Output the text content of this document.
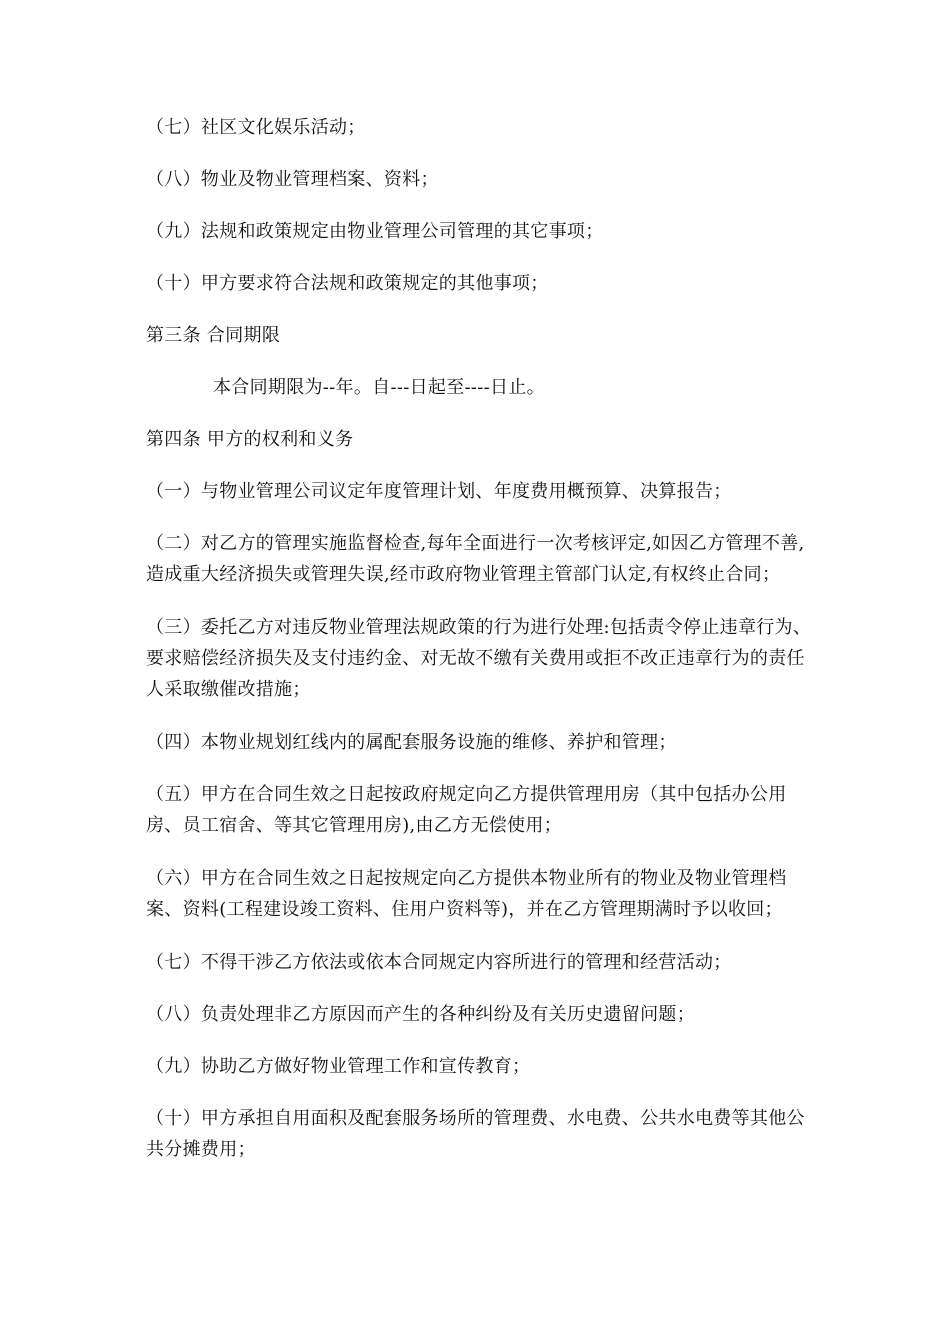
（七）社区文化娱乐活动；

（八）物业及物业管理档案、资料；

（九）法规和政策规定由物业管理公司管理的其它事项；

（十）甲方要求符合法规和政策规定的其他事项；

第三条 合同期限

本合同期限为--年。自---日起至----日止。

第四条 甲方的权利和义务

（一）与物业管理公司议定年度管理计划、年度费用概预算、决算报告；

（二）对乙方的管理实施监督检查,每年全面进行一次考核评定,如因乙方管理不善,造成重大经济损失或管理失误,经市政府物业管理主管部门认定,有权终止合同；

（三）委托乙方对违反物业管理法规政策的行为进行处理:包括责令停止违章行为、要求赔偿经济损失及支付违约金、对无故不缴有关费用或拒不改正违章行为的责任人采取缴催改措施；

（四）本物业规划红线内的属配套服务设施的维修、养护和管理；

（五）甲方在合同生效之日起按政府规定向乙方提供管理用房（其中包括办公用房、员工宿舍、等其它管理用房),由乙方无偿使用；

（六）甲方在合同生效之日起按规定向乙方提供本物业所有的物业及物业管理档案、资料(工程建设竣工资料、住用户资料等)，并在乙方管理期满时予以收回；

（七）不得干涉乙方依法或依本合同规定内容所进行的管理和经营活动；

（八）负责处理非乙方原因而产生的各种纠纷及有关历史遗留问题；

（九）协助乙方做好物业管理工作和宣传教育；

（十）甲方承担自用面积及配套服务场所的管理费、水电费、公共水电费等其他公共分摊费用；
